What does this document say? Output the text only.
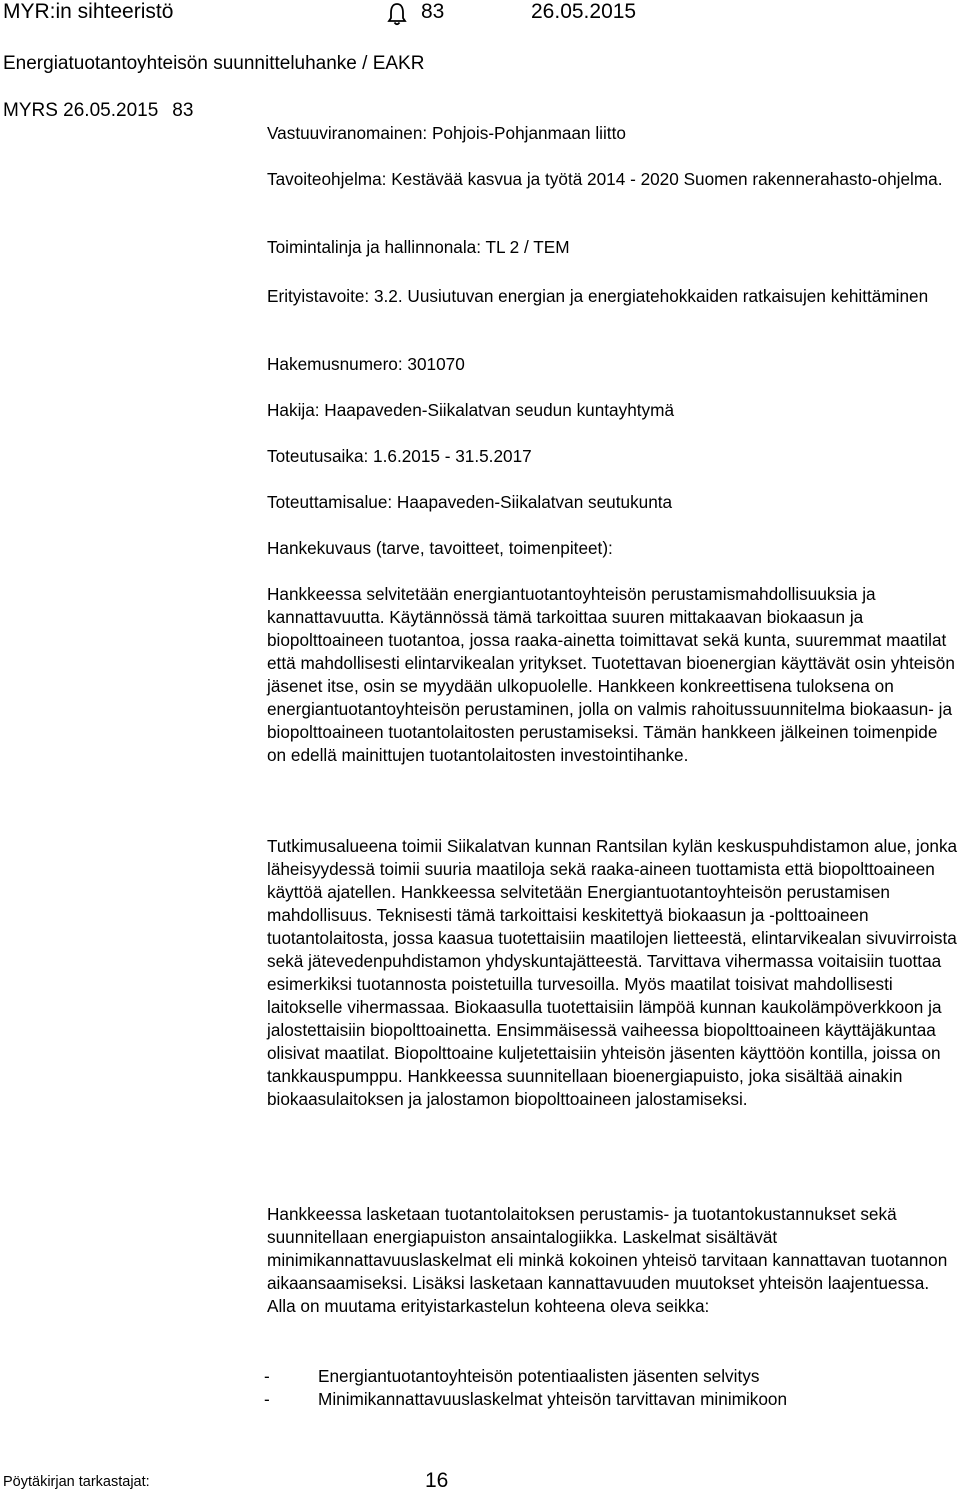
MYR:in sihteeristö	83	26.05.2015
Energiatuotantoyhteisön suunnitteluhanke / EAKR
MYRS 26.05.2015 83
Vastuuviranomainen: Pohjois-Pohjanmaan liitto
Tavoiteohjelma: Kestävää kasvua ja työtä 2014 - 2020 Suomen rakennerahasto-ohjelma.
Toimintalinja ja hallinnonala: TL 2 / TEM
Erityistavoite: 3.2. Uusiutuvan energian ja energiatehokkaiden ratkaisujen kehittäminen
Hakemusnumero: 301070
Hakija: Haapaveden-Siikalatvan seudun kuntayhtymä
Toteutusaika: 1.6.2015 - 31.5.2017
Toteuttamisalue: Haapaveden-Siikalatvan seutukunta
Hankekuvaus (tarve, tavoitteet, toimenpiteet):

Hankkeessa selvitetään energiantuotantoyhteisön perustamismahdollisuuksia ja kannattavuutta. Käytännössä tämä tarkoittaa suuren mittakaavan biokaasun ja biopolttoaineen tuotantoa, jossa raaka-ainetta toimittavat sekä kunta, suuremmat maatilat että mahdollisesti elintarvikealan yritykset. Tuotettavan bioenergian käyttävät osin yhteisön jäsenet itse, osin se myydään ulkopuolelle. Hankkeen konkreettisena tuloksena on energiantuotantoyhteisön perustaminen, jolla on valmis rahoitussuunnitelma biokaasun- ja biopolttoaineen tuotantolaitosten perustamiseksi. Tämän hankkeen jälkeinen toimenpide on edellä mainittujen tuotantolaitosten investointihanke.

Tutkimusalueena toimii Siikalatvan kunnan Rantsilan kylän keskuspuhdistamon alue, jonka läheisyydessä toimii suuria maatiloja sekä raaka-aineen tuottamista että biopolttoaineen käyttöä ajatellen. Hankkeessa selvitetään Energiantuotantoyhteisön perustamisen mahdollisuus. Teknisesti tämä tarkoittaisi keskitettyä biokaasun ja -polttoaineen tuotantolaitosta, jossa kaasua tuotettaisiin maatilojen lietteestä, elintarvikealan sivuvirroista sekä jätevedenpuhdistamon yhdyskuntajätteestä. Tarvittava vihermassa voitaisiin tuottaa esimerkiksi tuotannosta poistetuilla turvesoilla. Myös maatilat toisivat mahdollisesti laitokselle vihermassaa. Biokaasulla tuotettaisiin lämpöä kunnan kaukolämpöverkkoon ja jalostettaisiin biopolttoainetta. Ensimmäisessä vaiheessa biopolttoaineen käyttäjäkuntaa olisivat maatilat. Biopolttoaine kuljetettaisiin yhteisön jäsenten käyttöön kontilla, joissa on tankkauspumppu. Hankkeessa suunnitellaan bioenergiapuisto, joka sisältää ainakin biokaasulaitoksen ja jalostamon biopolttoaineen jalostamiseksi.

Hankkeessa lasketaan tuotantolaitoksen perustamis- ja tuotantokustannukset sekä suunnitellaan energiapuiston ansaintalogiikka. Laskelmat sisältävät minimikannattavuuslaskelmat eli minkä kokoinen yhteisö tarvitaan kannattavan tuotannon aikaansaamiseksi. Lisäksi lasketaan kannattavuuden muutokset yhteisön laajentuessa. Alla on muutama erityistarkastelun kohteena oleva seikka:

-	Energiantuotantoyhteisön potentiaalisten jäsenten selvitys
-	Minimikannattavuuslaskelmat yhteisön tarvittavan minimikoon
Pöytäkirjan tarkastajat:	16
